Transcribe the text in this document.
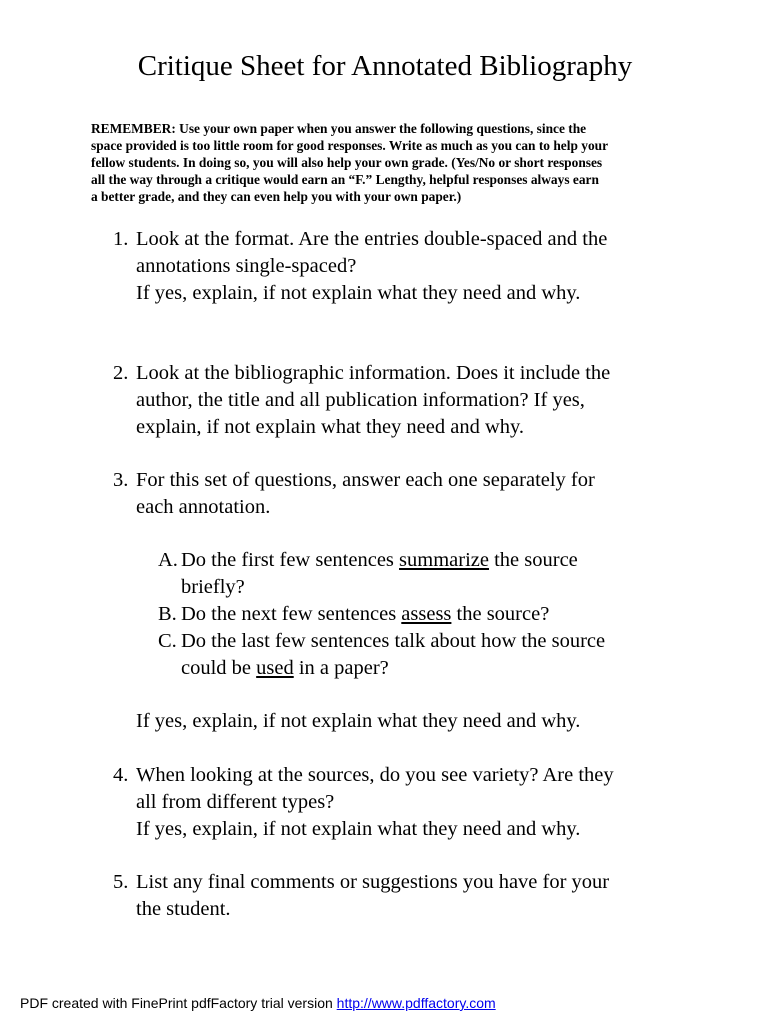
Critique Sheet for Annotated Bibliography

REMEMBER: Use your own paper when you answer the following questions, since the

space provided is too little room for good responses. Write as much as you can to help your

fellow students. In doing so, you will also help your own grade. (Yes/No or short responses

all the way through a critique would earn an “F.” Lengthy, helpful responses always earn

a better grade, and they can even help you with your own paper.)

1. Look at the format. Are the entries double-spaced and the
annotations single-spaced?
If yes, explain, if not explain what they need and why.
2. Look at the bibliographic information. Does it include the
author, the title and all publication information? If yes,
explain, if not explain what they need and why.
3. For this set of questions, answer each one separately for
each annotation.
A. Do the first few sentences summarize the source
briefly?
B. Do the next few sentences assess the source?
C. Do the last few sentences talk about how the source
could be used in a paper?
If yes, explain, if not explain what they need and why.
4. When looking at the sources, do you see variety? Are they
all from different types?
If yes, explain, if not explain what they need and why.
5. List any final comments or suggestions you have for your
the student.
PDF created with FinePrint pdfFactory trial version http://www.pdffactory.com
